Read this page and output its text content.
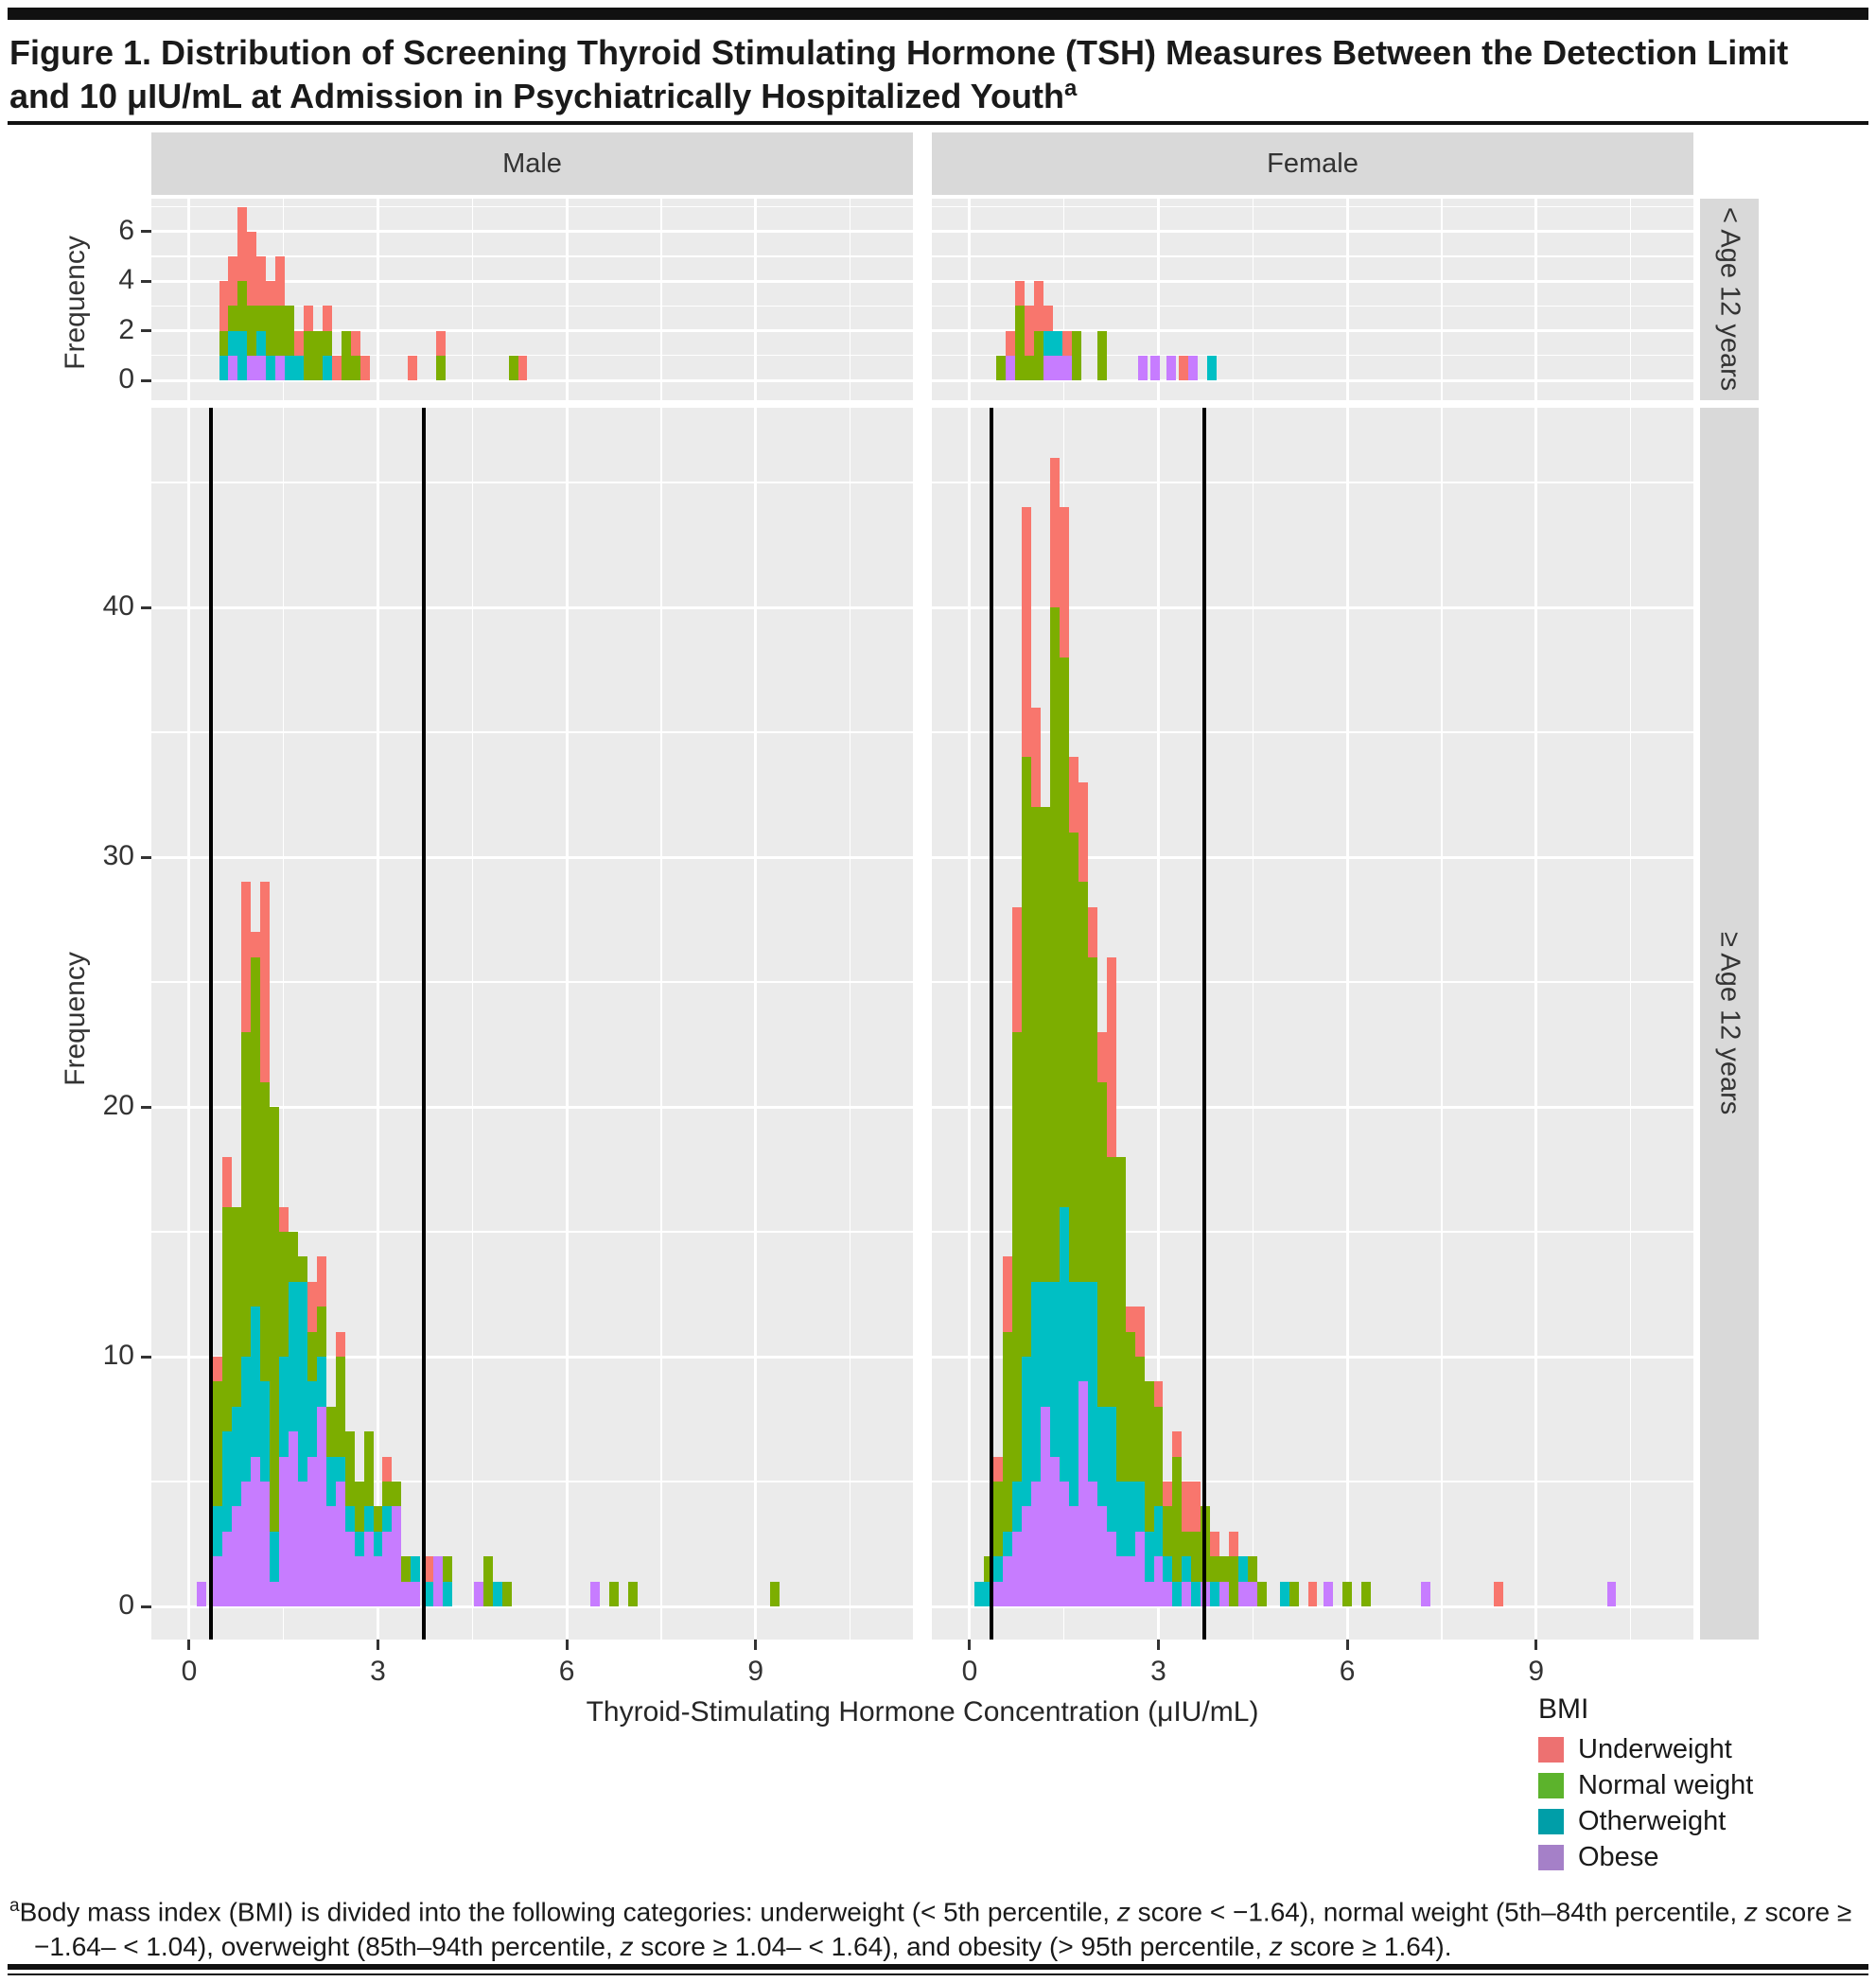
Figure 1. Distribution of Screening Thyroid Stimulating Hormone (TSH) Measures Between the Detection Limit and 10 μIU/mL at Admission in Psychiatrically Hospitalized Youth$^a$
Male	Female
< Age 12 years
≥ Age 12 years
Frequency
Frequency
0	3	6	9	0	3	6	9
0
2
4
6
0
10
20
30
40
Thyroid-Stimulating Hormone Concentration (μIU/mL)	BMI
Underweight
Normal weight
Otherweight
Obese
$^a$Body mass index (BMI) is divided into the following categories: underweight (< 5th percentile, z score < −1.64), normal weight (5th–84th percentile, z score ≥ −1.64– < 1.04), overweight (85th–94th percentile, z score ≥ 1.04– < 1.64), and obesity (> 95th percentile, z score ≥ 1.64).
